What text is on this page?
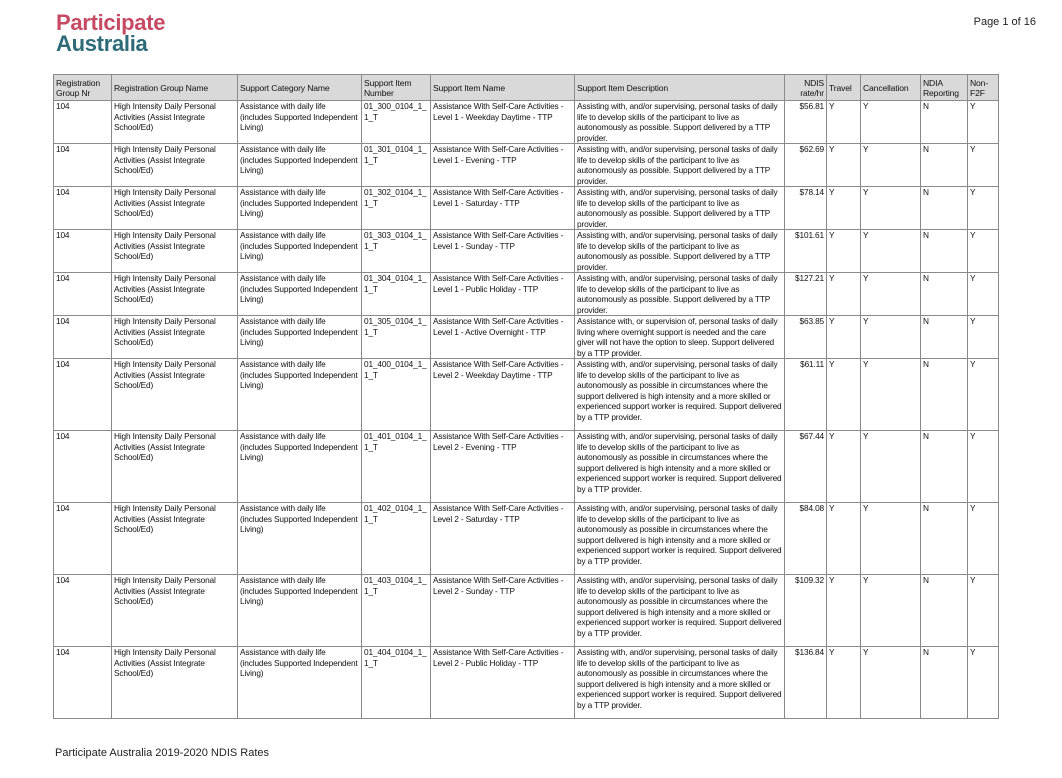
Participate
Australia
Page 1 of 16
Registration Group Nr	Registration Group Name	Support Category Name	Support Item Number	Support Item Name	Support Item Description	NDIS rate/hr	Travel	Cancellation	NDIA Reporting	Non-F2F
104	High Intensity Daily Personal Activities (Assist Integrate School/Ed)	Assistance with daily life (includes Supported Independent Living)	01_300_0104_1_1_T	Assistance With Self-Care Activities - Level 1 - Weekday Daytime - TTP	Assisting with, and/or supervising, personal tasks of daily life to develop skills of the participant to live as autonomously as possible. Support delivered by a TTP provider.	$56.81	Y	Y	N	Y
104	High Intensity Daily Personal Activities (Assist Integrate School/Ed)	Assistance with daily life (includes Supported Independent Living)	01_301_0104_1_1_T	Assistance With Self-Care Activities - Level 1 - Evening - TTP	Assisting with, and/or supervising, personal tasks of daily life to develop skills of the participant to live as autonomously as possible. Support delivered by a TTP provider.	$62.69	Y	Y	N	Y
104	High Intensity Daily Personal Activities (Assist Integrate School/Ed)	Assistance with daily life (includes Supported Independent Living)	01_302_0104_1_1_T	Assistance With Self-Care Activities - Level 1 - Saturday - TTP	Assisting with, and/or supervising, personal tasks of daily life to develop skills of the participant to live as autonomously as possible. Support delivered by a TTP provider.	$78.14	Y	Y	N	Y
104	High Intensity Daily Personal Activities (Assist Integrate School/Ed)	Assistance with daily life (includes Supported Independent Living)	01_303_0104_1_1_T	Assistance With Self-Care Activities - Level 1 - Sunday - TTP	Assisting with, and/or supervising, personal tasks of daily life to develop skills of the participant to live as autonomously as possible. Support delivered by a TTP provider.	$101.61	Y	Y	N	Y
104	High Intensity Daily Personal Activities (Assist Integrate School/Ed)	Assistance with daily life (includes Supported Independent Living)	01_304_0104_1_1_T	Assistance With Self-Care Activities - Level 1 - Public Holiday - TTP	Assisting with, and/or supervising, personal tasks of daily life to develop skills of the participant to live as autonomously as possible. Support delivered by a TTP provider.	$127.21	Y	Y	N	Y
104	High Intensity Daily Personal Activities (Assist Integrate School/Ed)	Assistance with daily life (includes Supported Independent Living)	01_305_0104_1_1_T	Assistance With Self-Care Activities - Level 1 - Active Overnight - TTP	Assistance with, or supervision of, personal tasks of daily living where overnight support is needed and the care giver will not have the option to sleep. Support delivered by a TTP provider.	$63.85	Y	Y	N	Y
104	High Intensity Daily Personal Activities (Assist Integrate School/Ed)	Assistance with daily life (includes Supported Independent Living)	01_400_0104_1_1_T	Assistance With Self-Care Activities - Level 2 - Weekday Daytime - TTP	Assisting with, and/or supervising, personal tasks of daily life to develop skills of the participant to live as autonomously as possible in circumstances where the support delivered is high intensity and a more skilled or experienced support worker is required. Support delivered by a TTP provider.	$61.11	Y	Y	N	Y
104	High Intensity Daily Personal Activities (Assist Integrate School/Ed)	Assistance with daily life (includes Supported Independent Living)	01_401_0104_1_1_T	Assistance With Self-Care Activities - Level 2 - Evening - TTP	Assisting with, and/or supervising, personal tasks of daily life to develop skills of the participant to live as autonomously as possible in circumstances where the support delivered is high intensity and a more skilled or experienced support worker is required. Support delivered by a TTP provider.	$67.44	Y	Y	N	Y
104	High Intensity Daily Personal Activities (Assist Integrate School/Ed)	Assistance with daily life (includes Supported Independent Living)	01_402_0104_1_1_T	Assistance With Self-Care Activities - Level 2 - Saturday - TTP	Assisting with, and/or supervising, personal tasks of daily life to develop skills of the participant to live as autonomously as possible in circumstances where the support delivered is high intensity and a more skilled or experienced support worker is required. Support delivered by a TTP provider.	$84.08	Y	Y	N	Y
104	High Intensity Daily Personal Activities (Assist Integrate School/Ed)	Assistance with daily life (includes Supported Independent Living)	01_403_0104_1_1_T	Assistance With Self-Care Activities - Level 2 - Sunday - TTP	Assisting with, and/or supervising, personal tasks of daily life to develop skills of the participant to live as autonomously as possible in circumstances where the support delivered is high intensity and a more skilled or experienced support worker is required. Support delivered by a TTP provider.	$109.32	Y	Y	N	Y
104	High Intensity Daily Personal Activities (Assist Integrate School/Ed)	Assistance with daily life (includes Supported Independent Living)	01_404_0104_1_1_T	Assistance With Self-Care Activities - Level 2 - Public Holiday - TTP	Assisting with, and/or supervising, personal tasks of daily life to develop skills of the participant to live as autonomously as possible in circumstances where the support delivered is high intensity and a more skilled or experienced support worker is required. Support delivered by a TTP provider.	$136.84	Y	Y	N	Y
Participate Australia 2019-2020 NDIS Rates
